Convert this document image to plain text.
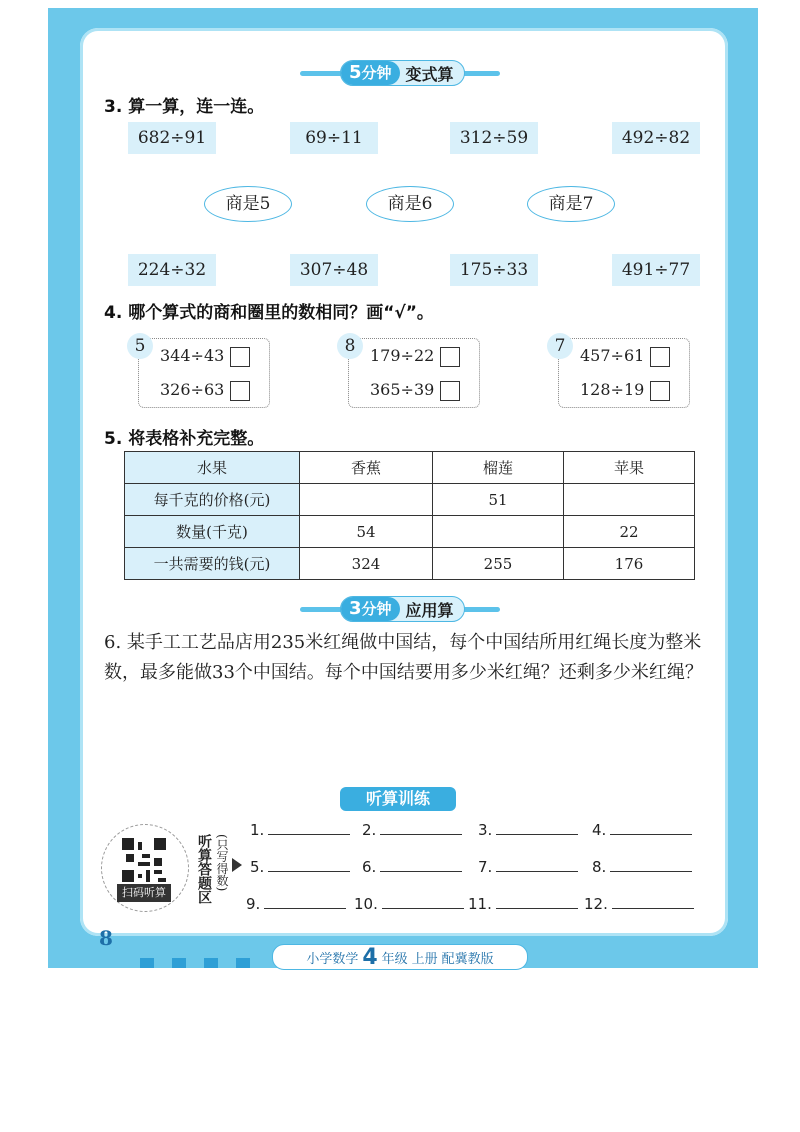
5分钟 变式算
3. 算一算，连一连。
682÷91	69÷11	312÷59	492÷82
商是5	商是6	商是7
224÷32	307÷48	175÷33	491÷77
4. 哪个算式的商和圈里的数相同？画“√”。
5 344÷43
326÷63
8 179÷22
365÷39
7 457÷61
128÷19
5. 将表格补充完整。
水果	香蕉	榴莲	苹果
每千克的价格(元)		51	
数量(千克)	54		22
一共需要的钱(元)	324	255	176
3分钟 应用算
6. 某手工工艺品店用235米红绳做中国结，每个中国结所用红绳长度为整米数，最多能做33个中国结。每个中国结要用多少米红绳？还剩多少米红绳？
听算训练
扫码听算	听算答题区 (只写得数)
1.	2.	3.	4.
5.	6.	7.	8.
9.	10.	11.	12.
8
小学数学 4 年级 上册 配冀教版
